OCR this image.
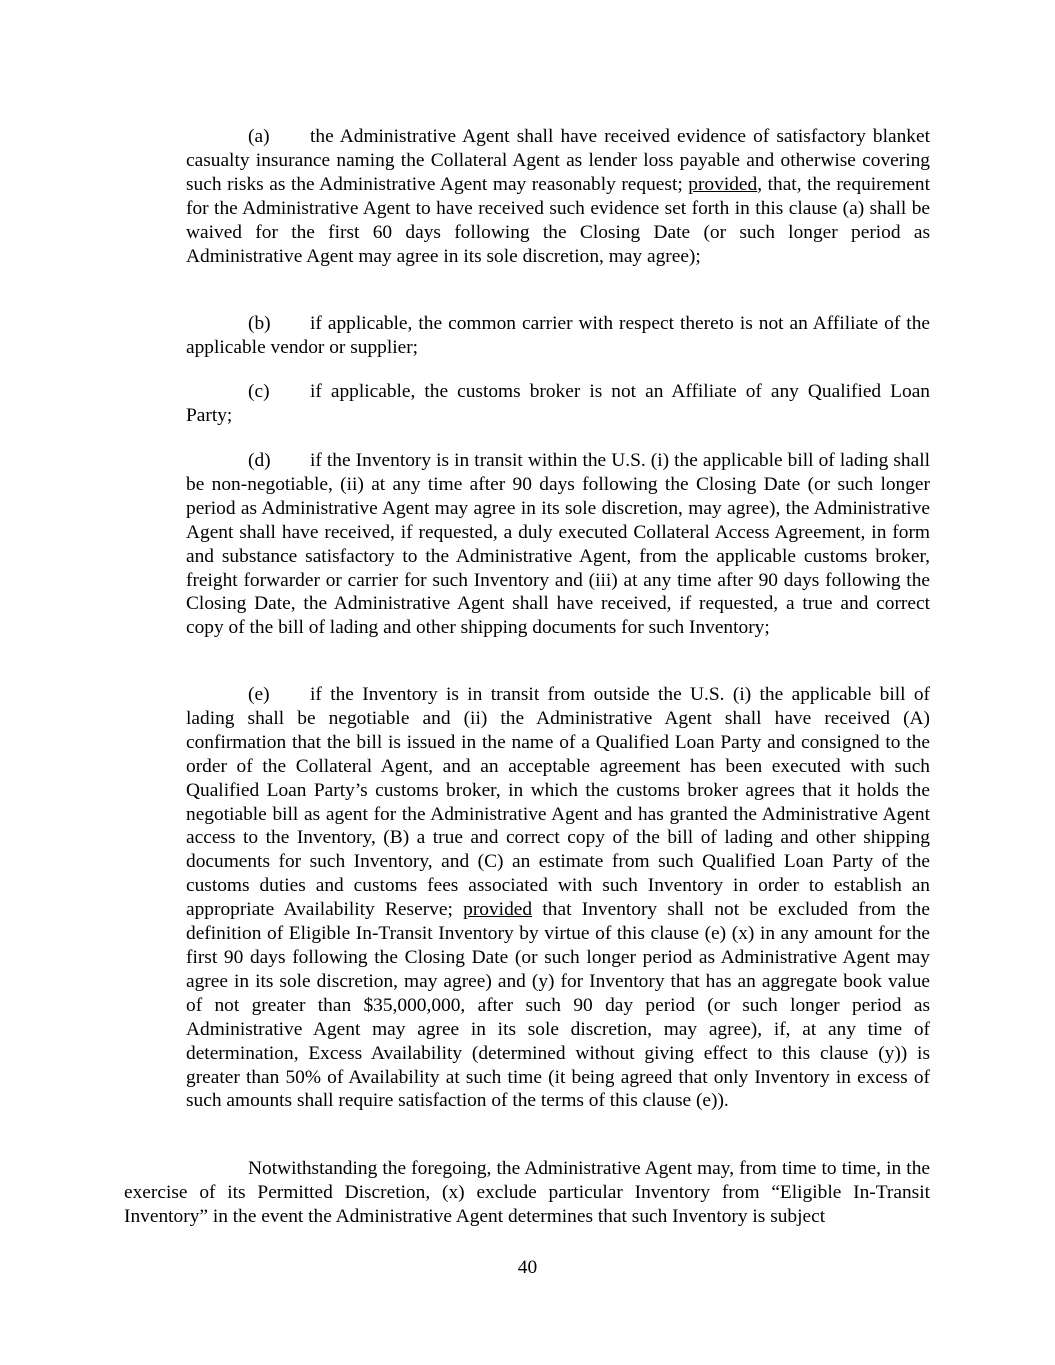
(a) the Administrative Agent shall have received evidence of satisfactory blanket casualty insurance naming the Collateral Agent as lender loss payable and otherwise covering such risks as the Administrative Agent may reasonably request; provided, that, the requirement for the Administrative Agent to have received such evidence set forth in this clause (a) shall be waived for the first 60 days following the Closing Date (or such longer period as Administrative Agent may agree in its sole discretion, may agree);

(b) if applicable, the common carrier with respect thereto is not an Affiliate of the applicable vendor or supplier;

(c) if applicable, the customs broker is not an Affiliate of any Qualified Loan Party;

(d) if the Inventory is in transit within the U.S. (i) the applicable bill of lading shall be non-negotiable, (ii) at any time after 90 days following the Closing Date (or such longer period as Administrative Agent may agree in its sole discretion, may agree), the Administrative Agent shall have received, if requested, a duly executed Collateral Access Agreement, in form and substance satisfactory to the Administrative Agent, from the applicable customs broker, freight forwarder or carrier for such Inventory and (iii) at any time after 90 days following the Closing Date, the Administrative Agent shall have received, if requested, a true and correct copy of the bill of lading and other shipping documents for such Inventory;

(e) if the Inventory is in transit from outside the U.S. (i) the applicable bill of lading shall be negotiable and (ii) the Administrative Agent shall have received (A) confirmation that the bill is issued in the name of a Qualified Loan Party and consigned to the order of the Collateral Agent, and an acceptable agreement has been executed with such Qualified Loan Party’s customs broker, in which the customs broker agrees that it holds the negotiable bill as agent for the Administrative Agent and has granted the Administrative Agent access to the Inventory, (B) a true and correct copy of the bill of lading and other shipping documents for such Inventory, and (C) an estimate from such Qualified Loan Party of the customs duties and customs fees associated with such Inventory in order to establish an appropriate Availability Reserve; provided that Inventory shall not be excluded from the definition of Eligible In-Transit Inventory by virtue of this clause (e) (x) in any amount for the first 90 days following the Closing Date (or such longer period as Administrative Agent may agree in its sole discretion, may agree) and (y) for Inventory that has an aggregate book value of not greater than $35,000,000, after such 90 day period (or such longer period as Administrative Agent may agree in its sole discretion, may agree), if, at any time of determination, Excess Availability (determined without giving effect to this clause (y)) is greater than 50% of Availability at such time (it being agreed that only Inventory in excess of such amounts shall require satisfaction of the terms of this clause (e)).

Notwithstanding the foregoing, the Administrative Agent may, from time to time, in the exercise of its Permitted Discretion, (x) exclude particular Inventory from “Eligible In-Transit Inventory” in the event the Administrative Agent determines that such Inventory is subject

40
